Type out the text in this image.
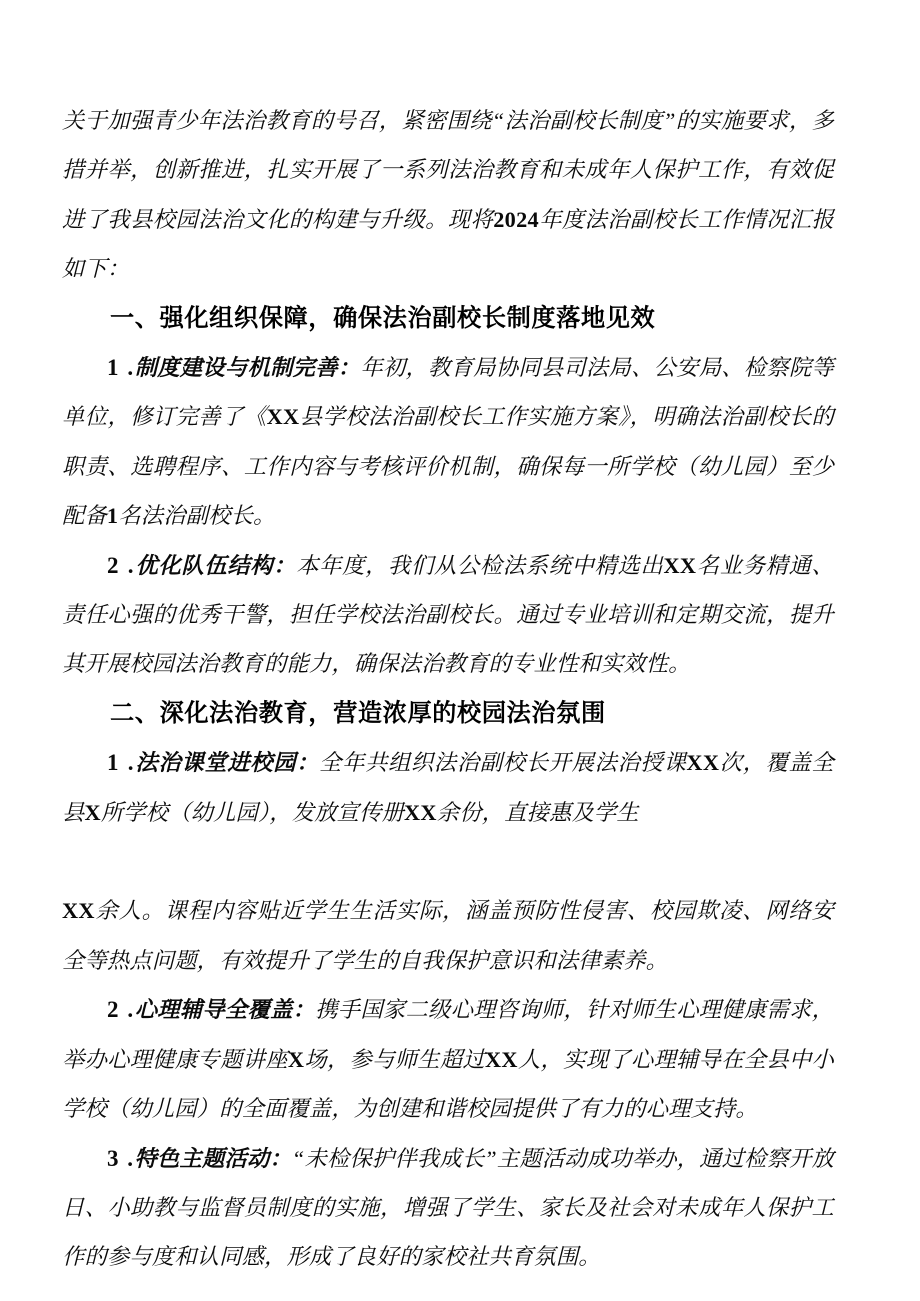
关于加强青少年法治教育的号召，紧密围绕“法治副校长制度”的实施要求，多措并举，创新推进，扎实开展了一系列法治教育和未成年人保护工作，有效促进了我县校园法治文化的构建与升级。现将2024年度法治副校长工作情况汇报如下：
一、强化组织保障，确保法治副校长制度落地见效
1 .制度建设与机制完善：年初，教育局协同县司法局、公安局、检察院等单位，修订完善了《XX县学校法治副校长工作实施方案》，明确法治副校长的职责、选聘程序、工作内容与考核评价机制，确保每一所学校（幼儿园）至少配备1名法治副校长。
2 .优化队伍结构：本年度，我们从公检法系统中精选出XX名业务精通、责任心强的优秀干警，担任学校法治副校长。通过专业培训和定期交流，提升其开展校园法治教育的能力，确保法治教育的专业性和实效性。
二、深化法治教育，营造浓厚的校园法治氛围
1 .法治课堂进校园：全年共组织法治副校长开展法治授课XX次，覆盖全县X所学校（幼儿园），发放宣传册XX余份，直接惠及学生
XX余人。课程内容贴近学生生活实际，涵盖预防性侵害、校园欺凌、网络安全等热点问题，有效提升了学生的自我保护意识和法律素养。
2 .心理辅导全覆盖：携手国家二级心理咨询师，针对师生心理健康需求，举办心理健康专题讲座X场，参与师生超过XX人，实现了心理辅导在全县中小学校（幼儿园）的全面覆盖，为创建和谐校园提供了有力的心理支持。
3 .特色主题活动：“未检保护伴我成长”主题活动成功举办，通过检察开放日、小助教与监督员制度的实施，增强了学生、家长及社会对未成年人保护工作的参与度和认同感，形成了良好的家校社共育氛围。
